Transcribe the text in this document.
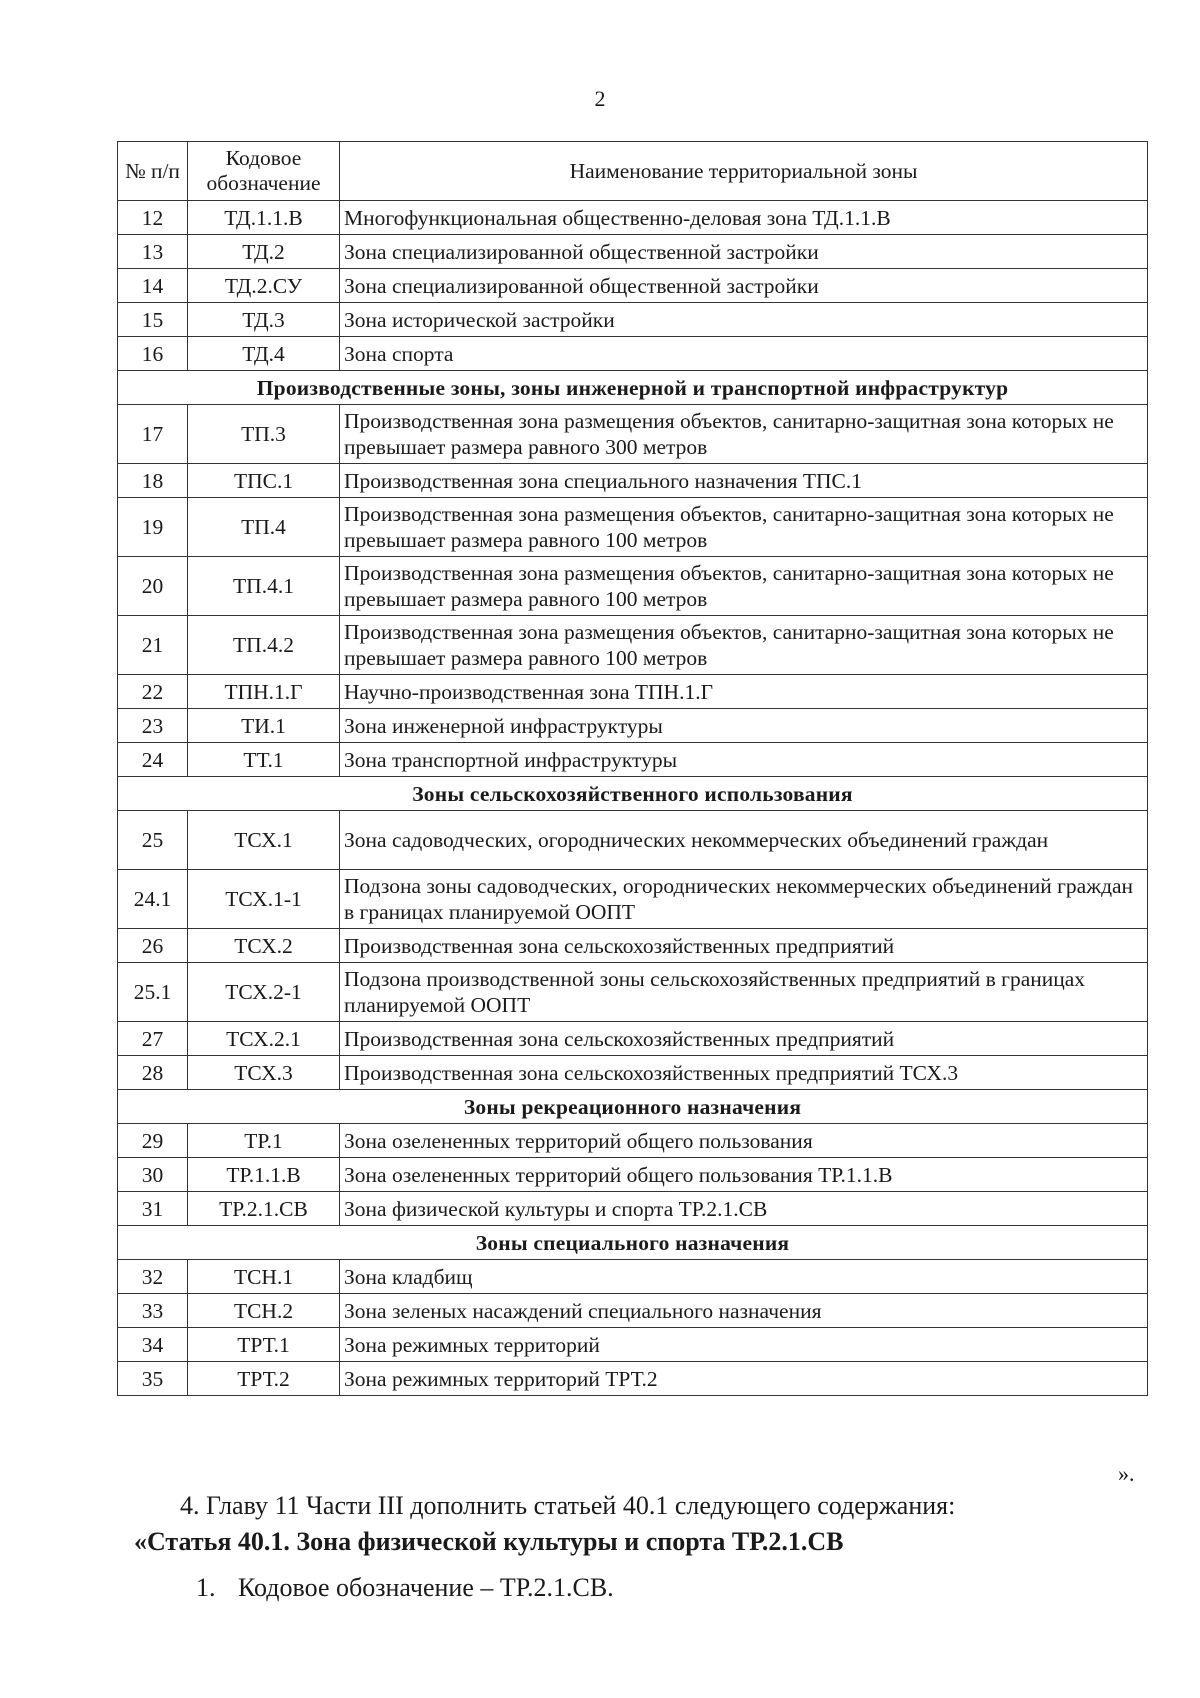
2
№ п/п	Кодовое обозначение	Наименование территориальной зоны
12	ТД.1.1.В	Многофункциональная общественно-деловая зона ТД.1.1.В
13	ТД.2	Зона специализированной общественной застройки
14	ТД.2.СУ	Зона специализированной общественной застройки
15	ТД.3	Зона исторической застройки
16	ТД.4	Зона спорта
Производственные зоны, зоны инженерной и транспортной инфраструктур		
17	ТП.3	Производственная зона размещения объектов, санитарно-защитная зона которых не превышает размера равного 300 метров
18	ТПС.1	Производственная зона специального назначения ТПС.1
19	ТП.4	Производственная зона размещения объектов, санитарно-защитная зона которых не превышает размера равного 100 метров
20	ТП.4.1	Производственная зона размещения объектов, санитарно-защитная зона которых не превышает размера равного 100 метров
21	ТП.4.2	Производственная зона размещения объектов, санитарно-защитная зона которых не превышает размера равного 100 метров
22	ТПН.1.Г	Научно-производственная зона ТПН.1.Г
23	ТИ.1	Зона инженерной инфраструктуры
24	ТТ.1	Зона транспортной инфраструктуры
Зоны сельскохозяйственного использования		
25	ТСХ.1	Зона садоводческих, огороднических некоммерческих объединений граждан
24.1	ТСХ.1-1	Подзона зоны садоводческих, огороднических некоммерческих объединений граждан в границах планируемой ООПТ
26	ТСХ.2	Производственная зона сельскохозяйственных предприятий
25.1	ТСХ.2-1	Подзона производственной зоны сельскохозяйственных предприятий в границах планируемой ООПТ
27	ТСХ.2.1	Производственная зона сельскохозяйственных предприятий
28	ТСХ.3	Производственная зона сельскохозяйственных предприятий ТСХ.3
Зоны рекреационного назначения		
29	ТР.1	Зона озелененных территорий общего пользования
30	ТР.1.1.В	Зона озелененных территорий общего пользования ТР.1.1.В
31	ТР.2.1.СВ	Зона физической культуры и спорта ТР.2.1.СВ
Зоны специального назначения		
32	ТСН.1	Зона кладбищ
33	ТСН.2	Зона зеленых насаждений специального назначения
34	ТРТ.1	Зона режимных территорий
35	ТРТ.2	Зона режимных территорий ТРТ.2
».
4. Главу 11 Части III дополнить статьей 40.1 следующего содержания:
«Статья 40.1. Зона физической культуры и спорта ТР.2.1.СВ
1. Кодовое обозначение – ТР.2.1.СВ.
